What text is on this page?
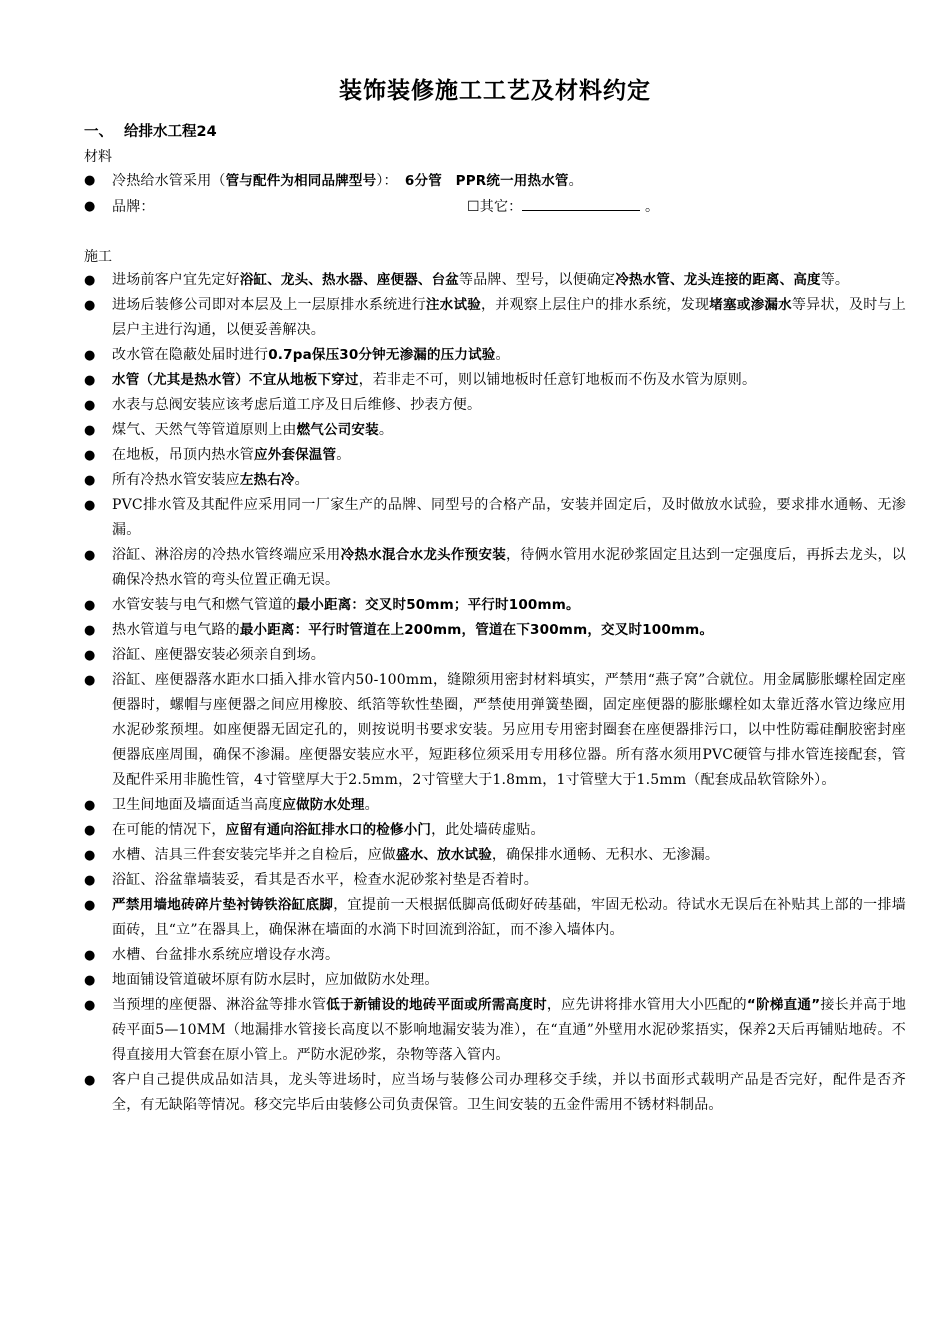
装饰装修施工工艺及材料约定
一、 给排水工程24

材料

● 冷热给水管采用（管与配件为相同品牌型号）：　 6分管　PPR统一用热水管。
● 品牌：	☐其它：	。

施工

● 进场前客户宜先定好浴缸、龙头、热水器、座便器、台盆等品牌、型号，以便确定冷热水管、龙头连接的距离、高度等。
● 进场后装修公司即对本层及上一层原排水系统进行注水试验，并观察上层住户的排水系统，发现堵塞或渗漏水等异状，及时与上层户主进行沟通，以便妥善解决。
● 改水管在隐蔽处届时进行0.7pa保压30分钟无渗漏的压力试验。
● 水管（尤其是热水管）不宜从地板下穿过，若非走不可，则以铺地板时任意钉地板而不伤及水管为原则。
● 水表与总阀安装应该考虑后道工序及日后维修、抄表方便。
● 煤气、天然气等管道原则上由燃气公司安装。
● 在地板，吊顶内热水管应外套保温管。
● 所有冷热水管安装应左热右冷。
● PVC排水管及其配件应采用同一厂家生产的品牌、同型号的合格产品，安装并固定后，及时做放水试验，要求排水通畅、无渗漏。
● 浴缸、淋浴房的冷热水管终端应采用冷热水混合水龙头作预安装，待俩水管用水泥砂浆固定且达到一定强度后，再拆去龙头，以确保冷热水管的弯头位置正确无误。
● 水管安装与电气和燃气管道的最小距离：交叉时50mm；平行时100mm。
● 热水管道与电气路的最小距离：平行时管道在上200mm，管道在下300mm，交叉时100mm。
● 浴缸、座便器安装必须亲自到场。
● 浴缸、座便器落水距水口插入排水管内50-100mm，缝隙须用密封材料填实，严禁用“燕子窝”合就位。用金属膨胀螺栓固定座便器时，螺帽与座便器之间应用橡胶、纸箔等软性垫圈，严禁使用弹簧垫圈，固定座便器的膨胀螺栓如太靠近落水管边缘应用水泥砂浆预埋。如座便器无固定孔的，则按说明书要求安装。另应用专用密封圈套在座便器排污口，以中性防霉硅酮胶密封座便器底座周围，确保不渗漏。座便器安装应水平，短距移位须采用专用移位器。所有落水须用PVC硬管与排水管连接配套，管及配件采用非脆性管，4寸管壁厚大于2.5mm，2寸管壁大于1.8mm，1寸管壁大于1.5mm（配套成品软管除外）。
● 卫生间地面及墙面适当高度应做防水处理。
● 在可能的情况下，应留有通向浴缸排水口的检修小门，此处墙砖虚贴。
● 水槽、洁具三件套安装完毕并之自检后，应做盛水、放水试验，确保排水通畅、无积水、无渗漏。
● 浴缸、浴盆靠墙装妥，看其是否水平，检查水泥砂浆衬垫是否着时。
● 严禁用墙地砖碎片垫衬铸铁浴缸底脚，宜提前一天根据低脚高低砌好砖基础，牢固无松动。待试水无误后在补贴其上部的一排墙面砖，且“立”在器具上，确保淋在墙面的水淌下时回流到浴缸，而不渗入墙体内。
● 水槽、台盆排水系统应增设存水湾。
● 地面铺设管道破坏原有防水层时，应加做防水处理。
● 当预埋的座便器、淋浴盆等排水管低于新铺设的地砖平面或所需高度时，应先讲将排水管用大小匹配的“阶梯直通”接长并高于地砖平面5—10MM（地漏排水管接长高度以不影响地漏安装为准），在“直通”外壁用水泥砂浆捂实，保养2天后再铺贴地砖。不得直接用大管套在原小管上。严防水泥砂浆，杂物等落入管内。
● 客户自己提供成品如洁具，龙头等进场时，应当场与装修公司办理移交手续，并以书面形式载明产品是否完好，配件是否齐全，有无缺陷等情况。移交完毕后由装修公司负责保管。卫生间安装的五金件需用不锈材料制品。
